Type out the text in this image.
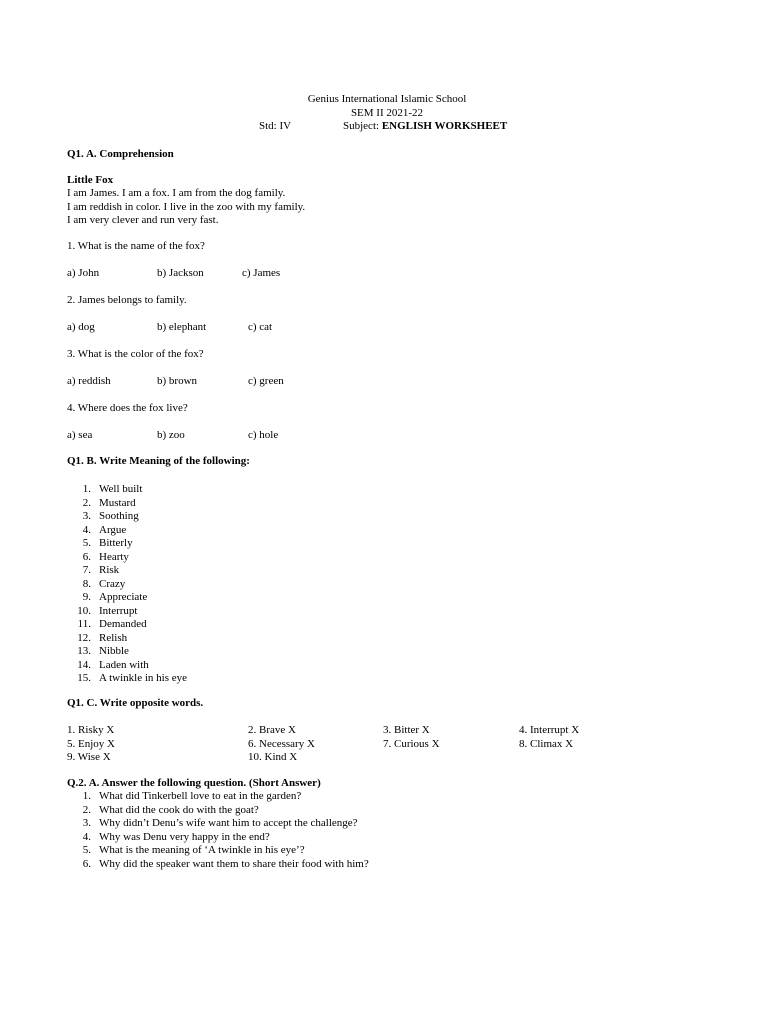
Genius International Islamic School
SEM II 2021-22
Std: IV	Subject: ENGLISH WORKSHEET
Q1. A. Comprehension
Little Fox
I am James. I am a fox. I am from the dog family.
I am reddish in color. I live in the zoo with my family.
I am very clever and run very fast.
1. What is the name of the fox?
a) John	b) Jackson	c) James
2. James belongs to family.
a) dog	b) elephant	c) cat
3. What is the color of the fox?
a) reddish	b) brown	c) green
4. Where does the fox live?
a) sea	b) zoo	c) hole
Q1. B. Write Meaning of the following:
1. Well built
2. Mustard
3. Soothing
4. Argue
5. Bitterly
6. Hearty
7. Risk
8. Crazy
9. Appreciate
10. Interrupt
11. Demanded
12. Relish
13. Nibble
14. Laden with
15. A twinkle in his eye
Q1. C. Write opposite words.
1. Risky X	2. Brave X	3. Bitter X	4. Interrupt X
5. Enjoy X	6. Necessary X	7. Curious X	8. Climax X
9. Wise X	10. Kind X
Q.2. A. Answer the following question. (Short Answer)
1. What did Tinkerbell love to eat in the garden?
2. What did the cook do with the goat?
3. Why didn’t Denu’s wife want him to accept the challenge?
4. Why was Denu very happy in the end?
5. What is the meaning of ‘A twinkle in his eye’?
6. Why did the speaker want them to share their food with him?
